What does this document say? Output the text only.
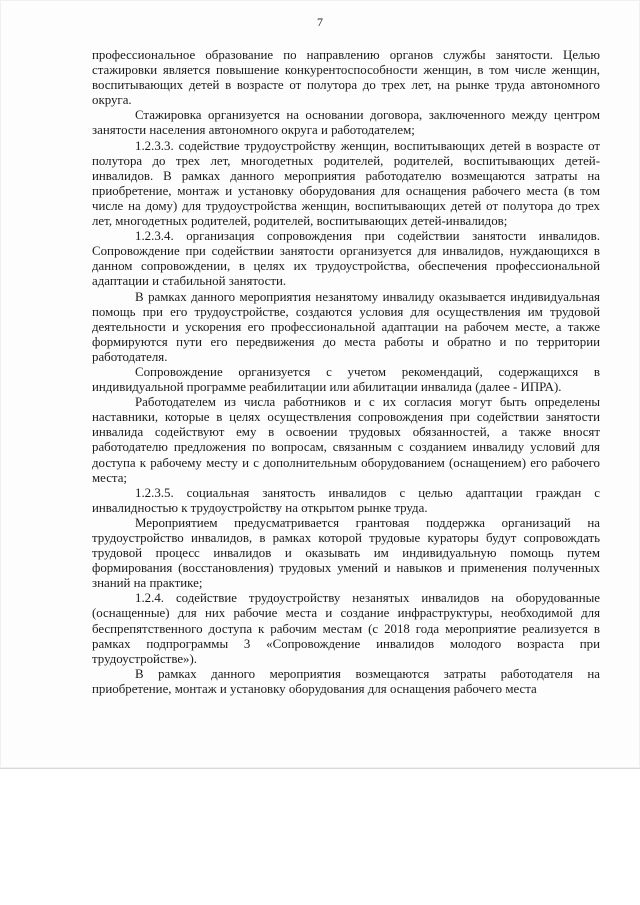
7

профессиональное образование по направлению органов службы занятости. Целью стажировки является повышение конкурентоспособности женщин, в том числе женщин, воспитывающих детей в возрасте от полутора до трех лет, на рынке труда автономного округа.

Стажировка организуется на основании договора, заключенного между центром занятости населения автономного округа и работодателем;

1.2.3.3. содействие трудоустройству женщин, воспитывающих детей в возрасте от полутора до трех лет, многодетных родителей, родителей, воспитывающих детей-инвалидов. В рамках данного мероприятия работодателю возмещаются затраты на приобретение, монтаж и установку оборудования для оснащения рабочего места (в том числе на дому) для трудоустройства женщин, воспитывающих детей от полутора до трех лет, многодетных родителей, родителей, воспитывающих детей-инвалидов;

1.2.3.4. организация сопровождения при содействии занятости инвалидов. Сопровождение при содействии занятости организуется для инвалидов, нуждающихся в данном сопровождении, в целях их трудоустройства, обеспечения профессиональной адаптации и стабильной занятости.

В рамках данного мероприятия незанятому инвалиду оказывается индивидуальная помощь при его трудоустройстве, создаются условия для осуществления им трудовой деятельности и ускорения его профессиональной адаптации на рабочем месте, а также формируются пути его передвижения до места работы и обратно и по территории работодателя.

Сопровождение организуется с учетом рекомендаций, содержащихся в индивидуальной программе реабилитации или абилитации инвалида (далее - ИПРА).

Работодателем из числа работников и с их согласия могут быть определены наставники, которые в целях осуществления сопровождения при содействии занятости инвалида содействуют ему в освоении трудовых обязанностей, а также вносят работодателю предложения по вопросам, связанным с созданием инвалиду условий для доступа к рабочему месту и с дополнительным оборудованием (оснащением) его рабочего места;

1.2.3.5. социальная занятость инвалидов с целью адаптации граждан с инвалидностью к трудоустройству на открытом рынке труда.

Мероприятием предусматривается грантовая поддержка организаций на трудоустройство инвалидов, в рамках которой трудовые кураторы будут сопровождать трудовой процесс инвалидов и оказывать им индивидуальную помощь путем формирования (восстановления) трудовых умений и навыков и применения полученных знаний на практике;

1.2.4. содействие трудоустройству незанятых инвалидов на оборудованные (оснащенные) для них рабочие места и создание инфраструктуры, необходимой для беспрепятственного доступа к рабочим местам (с 2018 года мероприятие реализуется в рамках подпрограммы 3 «Сопровождение инвалидов молодого возраста при трудоустройстве»).

В рамках данного мероприятия возмещаются затраты работодателя на приобретение, монтаж и установку оборудования для оснащения рабочего места
